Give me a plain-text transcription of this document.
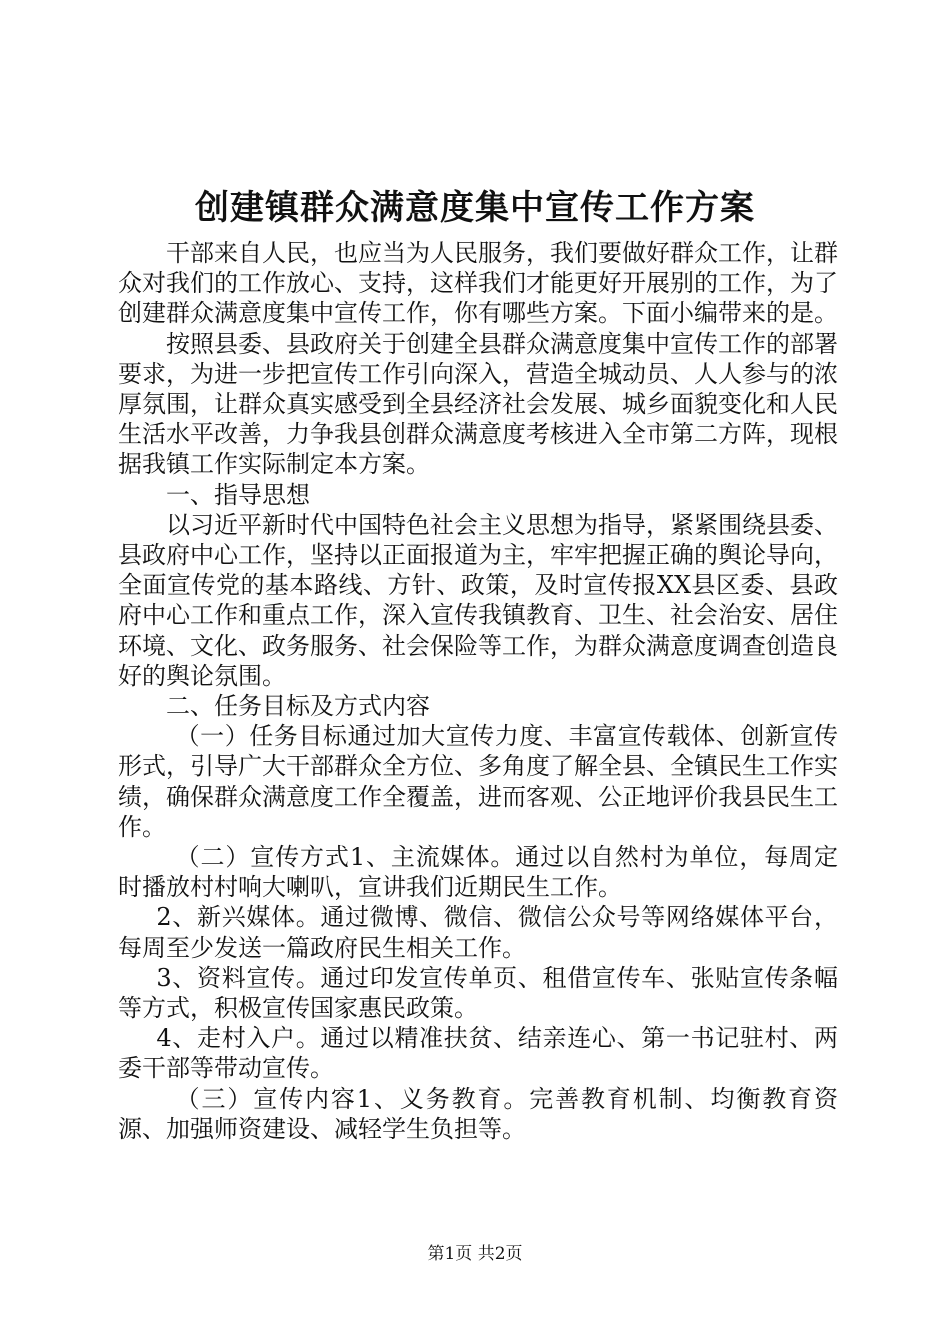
创建镇群众满意度集中宣传工作方案

干部来自人民，也应当为人民服务，我们要做好群众工作，让群众对我们的工作放心、支持，这样我们才能更好开展别的工作，为了创建群众满意度集中宣传工作，你有哪些方案。下面小编带来的是。

按照县委、县政府关于创建全县群众满意度集中宣传工作的部署要求，为进一步把宣传工作引向深入，营造全城动员、人人参与的浓厚氛围，让群众真实感受到全县经济社会发展、城乡面貌变化和人民生活水平改善，力争我县创群众满意度考核进入全市第二方阵，现根据我镇工作实际制定本方案。

一、指导思想

以习近平新时代中国特色社会主义思想为指导，紧紧围绕县委、县政府中心工作，坚持以正面报道为主，牢牢把握正确的舆论导向，全面宣传党的基本路线、方针、政策，及时宣传报XX县区委、县政府中心工作和重点工作，深入宣传我镇教育、卫生、社会治安、居住环境、文化、政务服务、社会保险等工作，为群众满意度调查创造良好的舆论氛围。

二、任务目标及方式内容

（一）任务目标通过加大宣传力度、丰富宣传载体、创新宣传形式，引导广大干部群众全方位、多角度了解全县、全镇民生工作实绩，确保群众满意度工作全覆盖，进而客观、公正地评价我县民生工作。

（二）宣传方式1、主流媒体。通过以自然村为单位，每周定时播放村村响大喇叭，宣讲我们近期民生工作。

2、新兴媒体。通过微博、微信、微信公众号等网络媒体平台，每周至少发送一篇政府民生相关工作。

3、资料宣传。通过印发宣传单页、租借宣传车、张贴宣传条幅等方式，积极宣传国家惠民政策。

4、走村入户。通过以精准扶贫、结亲连心、第一书记驻村、两委干部等带动宣传。

（三）宣传内容1、义务教育。完善教育机制、均衡教育资源、加强师资建设、减轻学生负担等。

第1页 共2页
